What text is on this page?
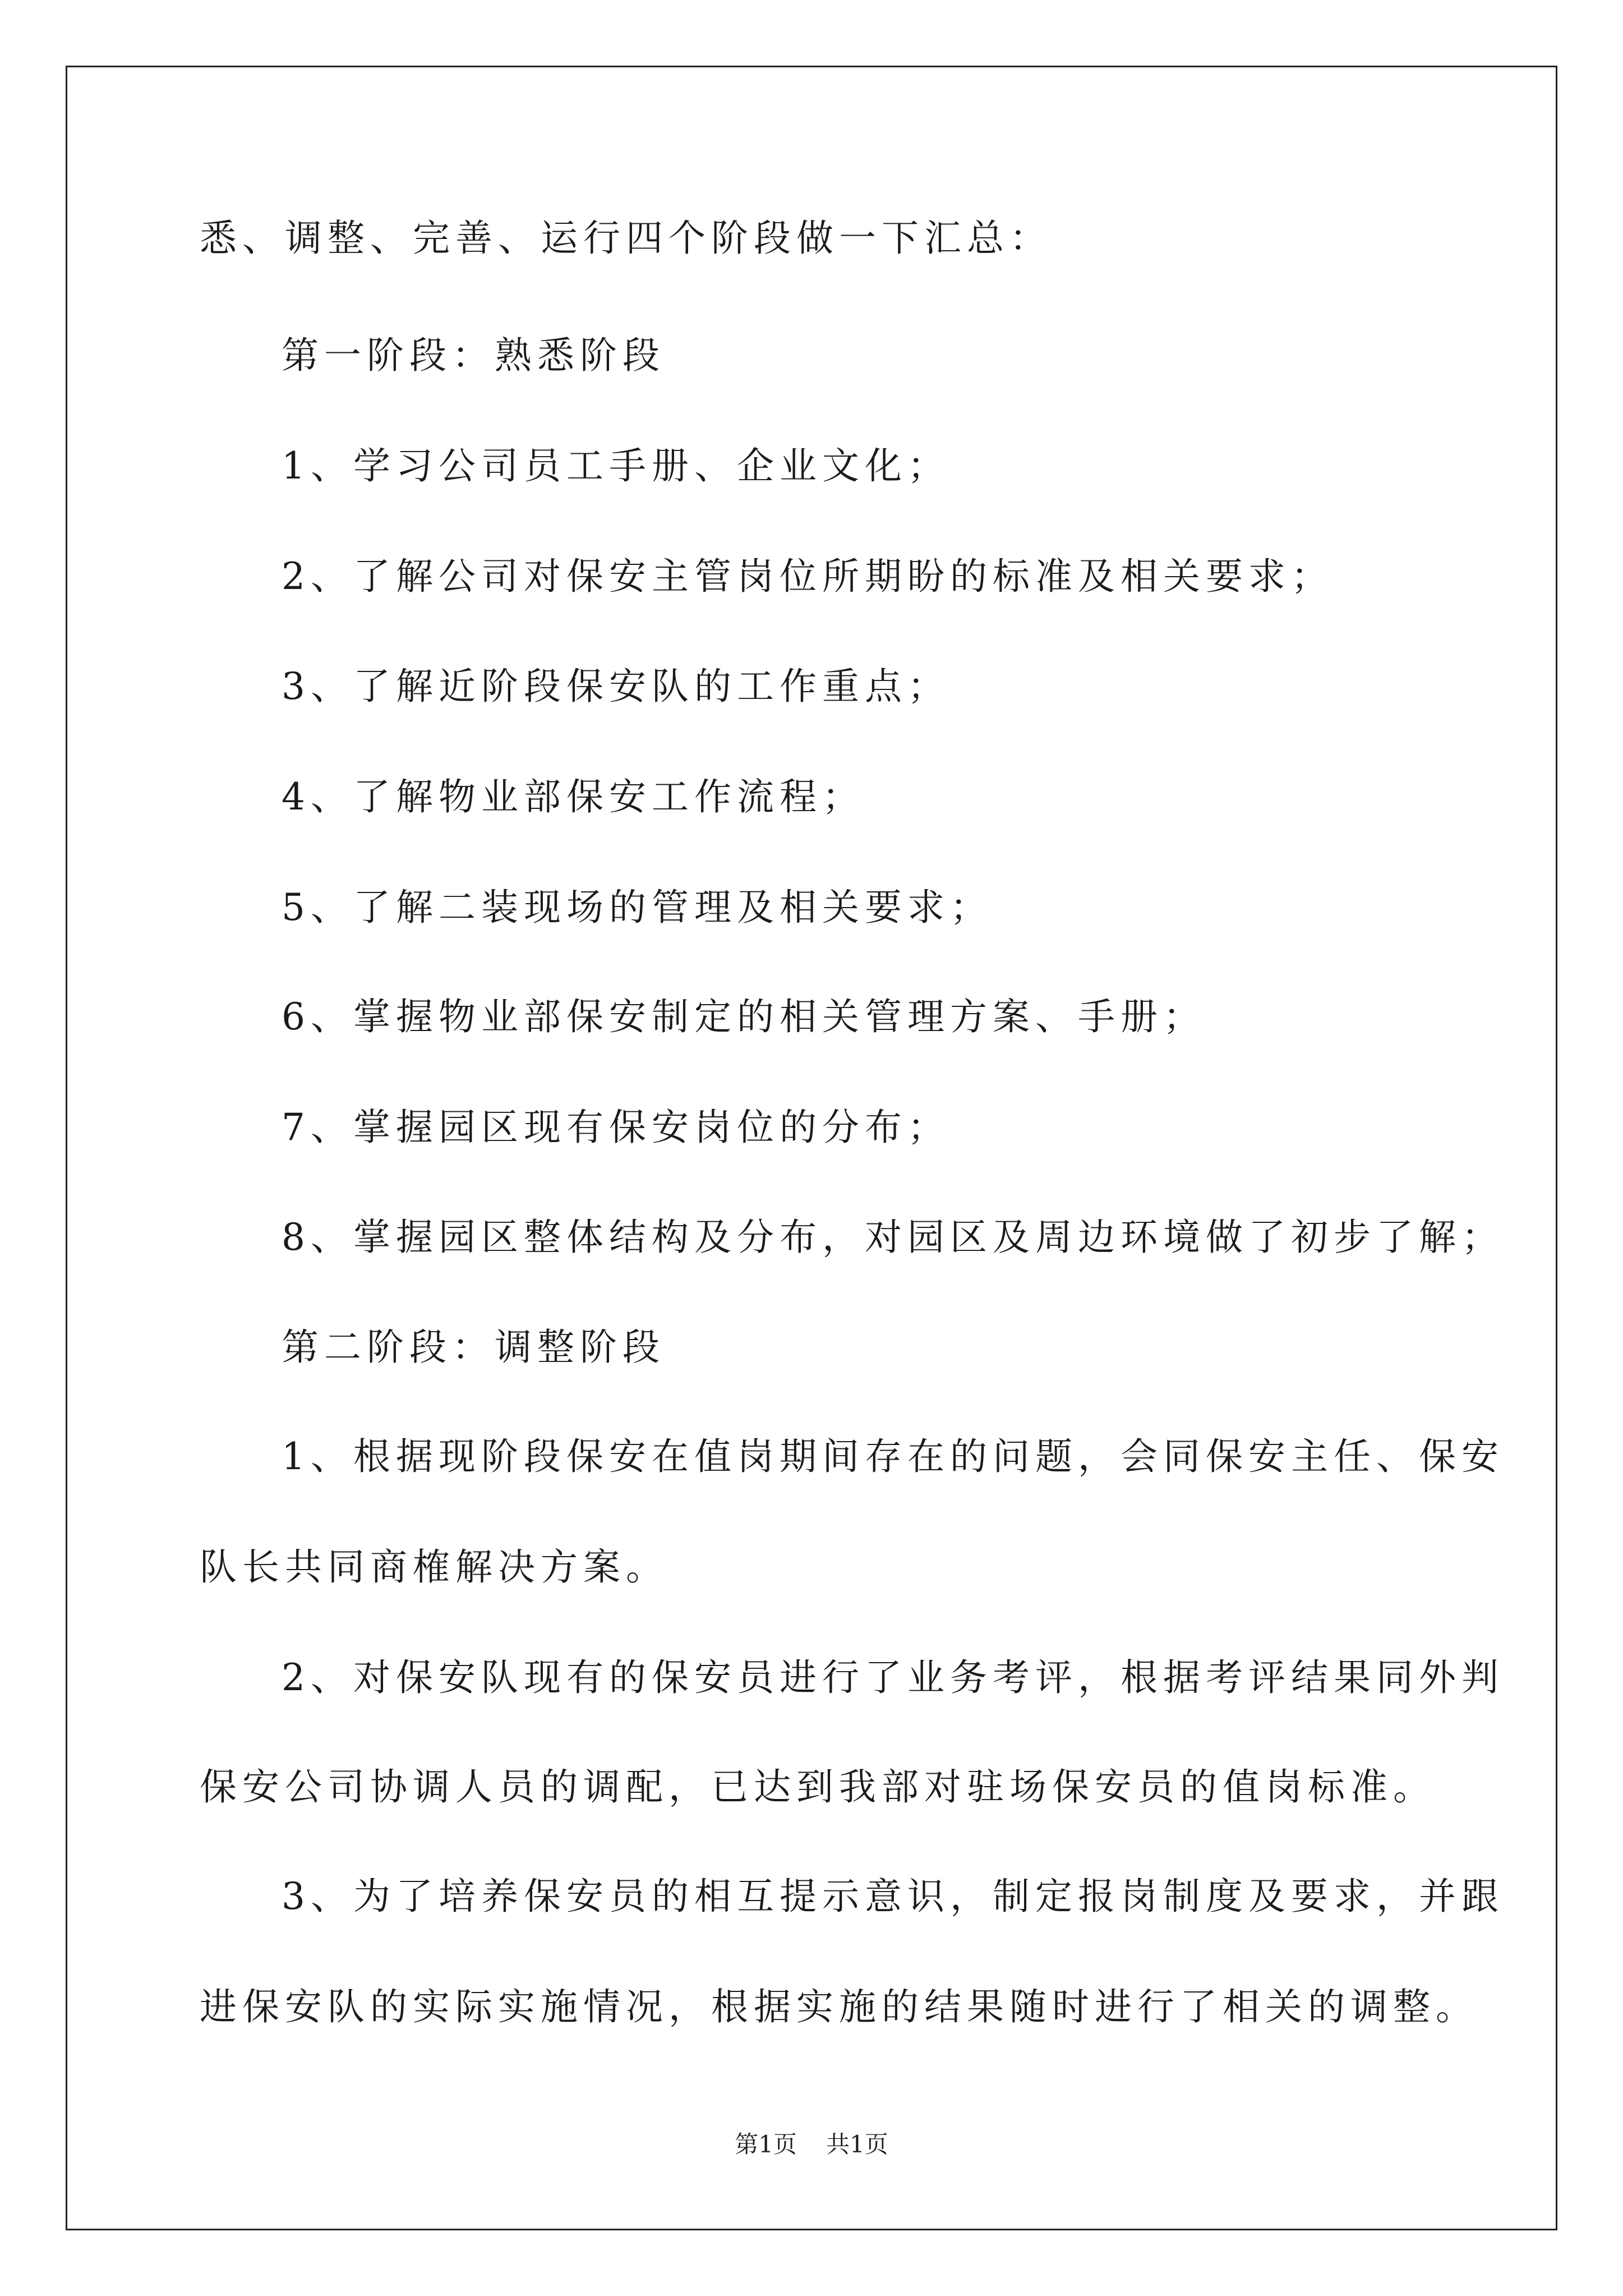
悉、调整、完善、运行四个阶段做一下汇总：
第一阶段：熟悉阶段
1、学习公司员工手册、企业文化；
2、了解公司对保安主管岗位所期盼的标准及相关要求；
3、了解近阶段保安队的工作重点；
4、了解物业部保安工作流程；
5、了解二装现场的管理及相关要求；
6、掌握物业部保安制定的相关管理方案、手册；
7、掌握园区现有保安岗位的分布；
8、掌握园区整体结构及分布，对园区及周边环境做了初步了解；
第二阶段：调整阶段
1、根据现阶段保安在值岗期间存在的问题，会同保安主任、保安
队长共同商榷解决方案。
2、对保安队现有的保安员进行了业务考评，根据考评结果同外判
保安公司协调人员的调配，已达到我部对驻场保安员的值岗标准。
3、为了培养保安员的相互提示意识，制定报岗制度及要求，并跟
进保安队的实际实施情况，根据实施的结果随时进行了相关的调整。
第1页 共1页
